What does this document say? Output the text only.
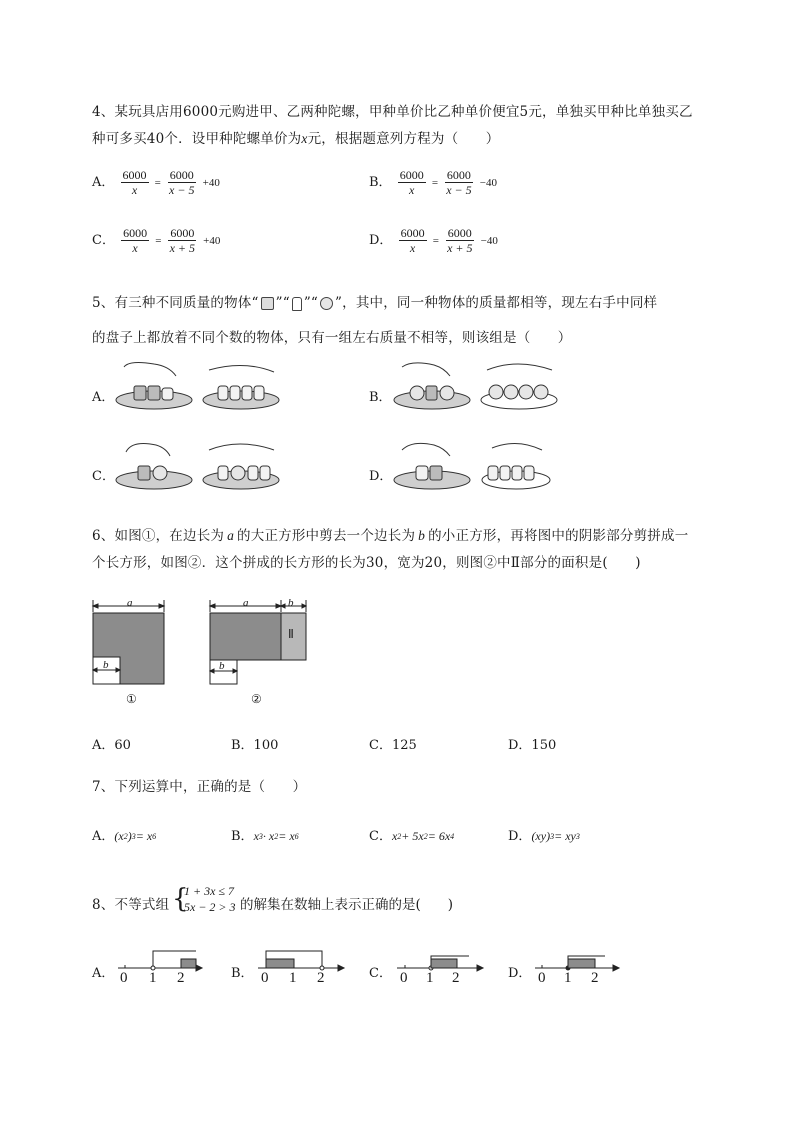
4、某玩具店用6000元购进甲、乙两种陀螺，甲种单价比乙种单价便宜5元，单独买甲种比单独买乙
种可多买40个．设甲种陀螺单价为x元，根据题意列方程为（　　）
A． $\frac{6000}{x} = \frac{6000}{x - 5} +40$	B． $\frac{6000}{x} = \frac{6000}{x - 5} -40$
C． $\frac{6000}{x} = \frac{6000}{x + 5} +40$	D． $\frac{6000}{x} = \frac{6000}{x + 5} -40$
5、有三种不同质量的物体“ ”“ ”“ ”，其中，同一种物体的质量都相等，现左右手中同样
的盘子上都放着不同个数的物体，只有一组左右质量不相等，则该组是（　　）
A．	B．
C．	D．
6、如图①，在边长为 a 的大正方形中剪去一个边长为 b 的小正方形，再将图中的阴影部分剪拼成一
个长方形，如图②．这个拼成的长方形的长为30，宽为20，则图②中Ⅱ部分的面积是(　　)
a
b
①
a	b
Ⅱ
b
②
A．60	B．100	C．125	D．150
7、下列运算中，正确的是（　　）
A． (x 2 ) 3 = x 6	B． x 3 · x 2 = x 6	C． x 2 + 5x 2 = 6x 4	D． (xy) 3 = xy 3
8、不等式组 {
1 + 3x ≤ 7
5x − 2 > 3 的解集在数轴上表示正确的是(　　)
A．	B．	C．	D．
0 1 2	0 1 2	0 1 2	0 1 2
